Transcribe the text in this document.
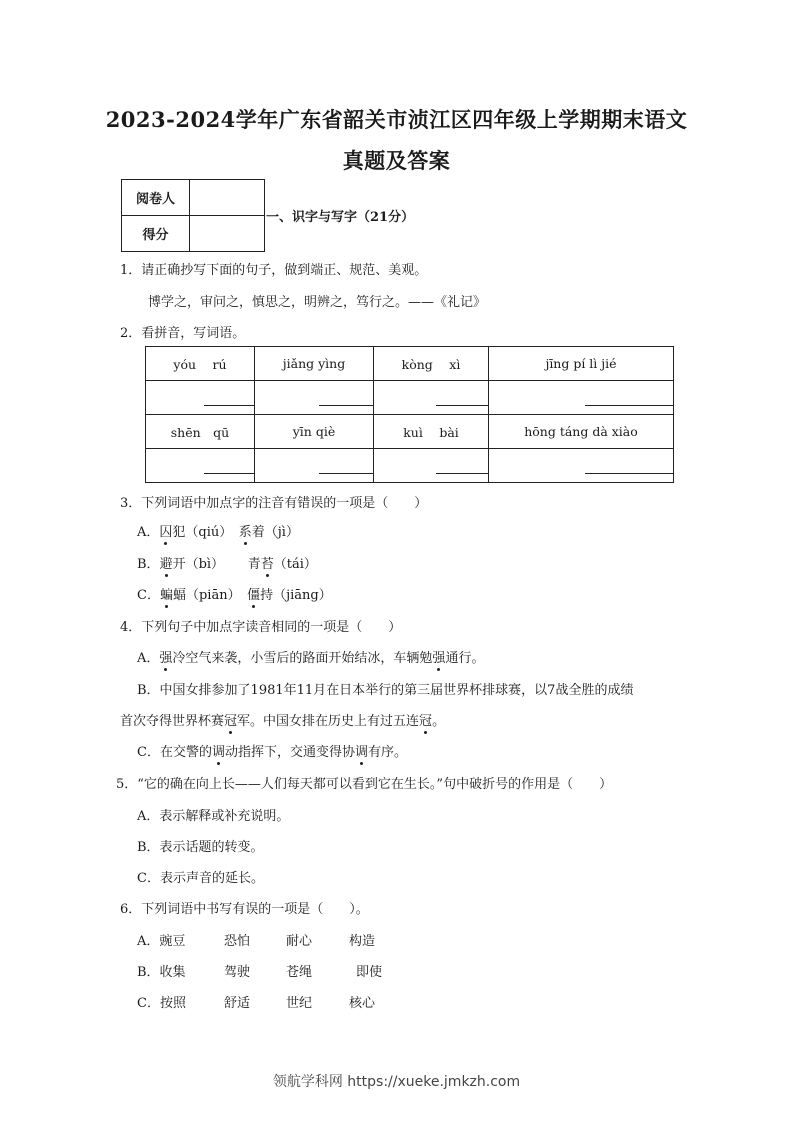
2023-2024学年广东省韶关市浈江区四年级上学期期末语文
真题及答案
阅卷人	
得分	
一、识字与写字（21分）
1．请正确抄写下面的句子，做到端正、规范、美观。
博学之，审问之，慎思之，明辨之，笃行之。——《礼记》
2．看拼音，写词语。
yóu　 rú	jiǎng yìng	kòng　 xì	jīng pí lì jié

shēn　qū	yīn qiè	kuì　 bài	hōng táng dà xiào

3．下列词语中加点字的注音有错误的一项是（　　）
A．囚犯（qiú）　系着（jì）
B．避开（bì）　　 青苔（tái）
C．蝙蝠（piān）　僵持（jiāng）
4．下列句子中加点字读音相同的一项是（　　）
A．强冷空气来袭，小雪后的路面开始结冰，车辆勉强通行。
B．中国女排参加了1981年11月在日本举行的第三届世界杯排球赛，以7战全胜的成绩
首次夺得世界杯赛冠军。中国女排在历史上有过五连冠。
C．在交警的调动指挥下，交通变得协调有序。
5．“它的确在向上长——人们每天都可以看到它在生长。”句中破折号的作用是（　　）
A．表示解释或补充说明。
B．表示话题的转变。
C．表示声音的延长。
6．下列词语中书写有误的一项是（　　）。
A．豌豆	恐怕	耐心	构造
B．收集	驾驶	苍绳	即使
C．按照	舒适	世纪	核心
领航学科网 https://xueke.jmkzh.com
